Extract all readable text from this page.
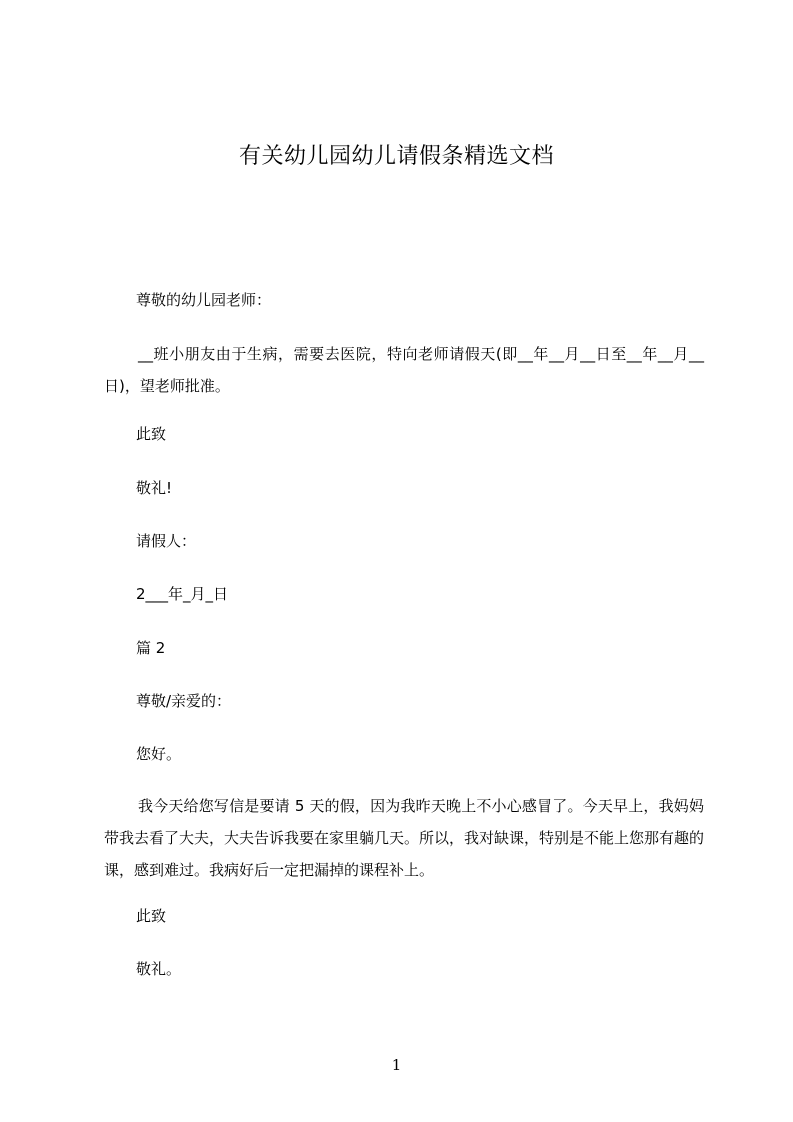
有关幼儿园幼儿请假条精选文档
尊敬的幼儿园老师：
__班小朋友由于生病，需要去医院，特向老师请假天(即__年__月__日至__年__月__日)，望老师批准。
此致
敬礼!
请假人：
2___年_月_日
篇 2
尊敬/亲爱的：
您好。
我今天给您写信是要请 5 天的假，因为我昨天晚上不小心感冒了。今天早上，我妈妈带我去看了大夫，大夫告诉我要在家里躺几天。所以，我对缺课，特别是不能上您那有趣的课，感到难过。我病好后一定把漏掉的课程补上。
此致
敬礼。
1
